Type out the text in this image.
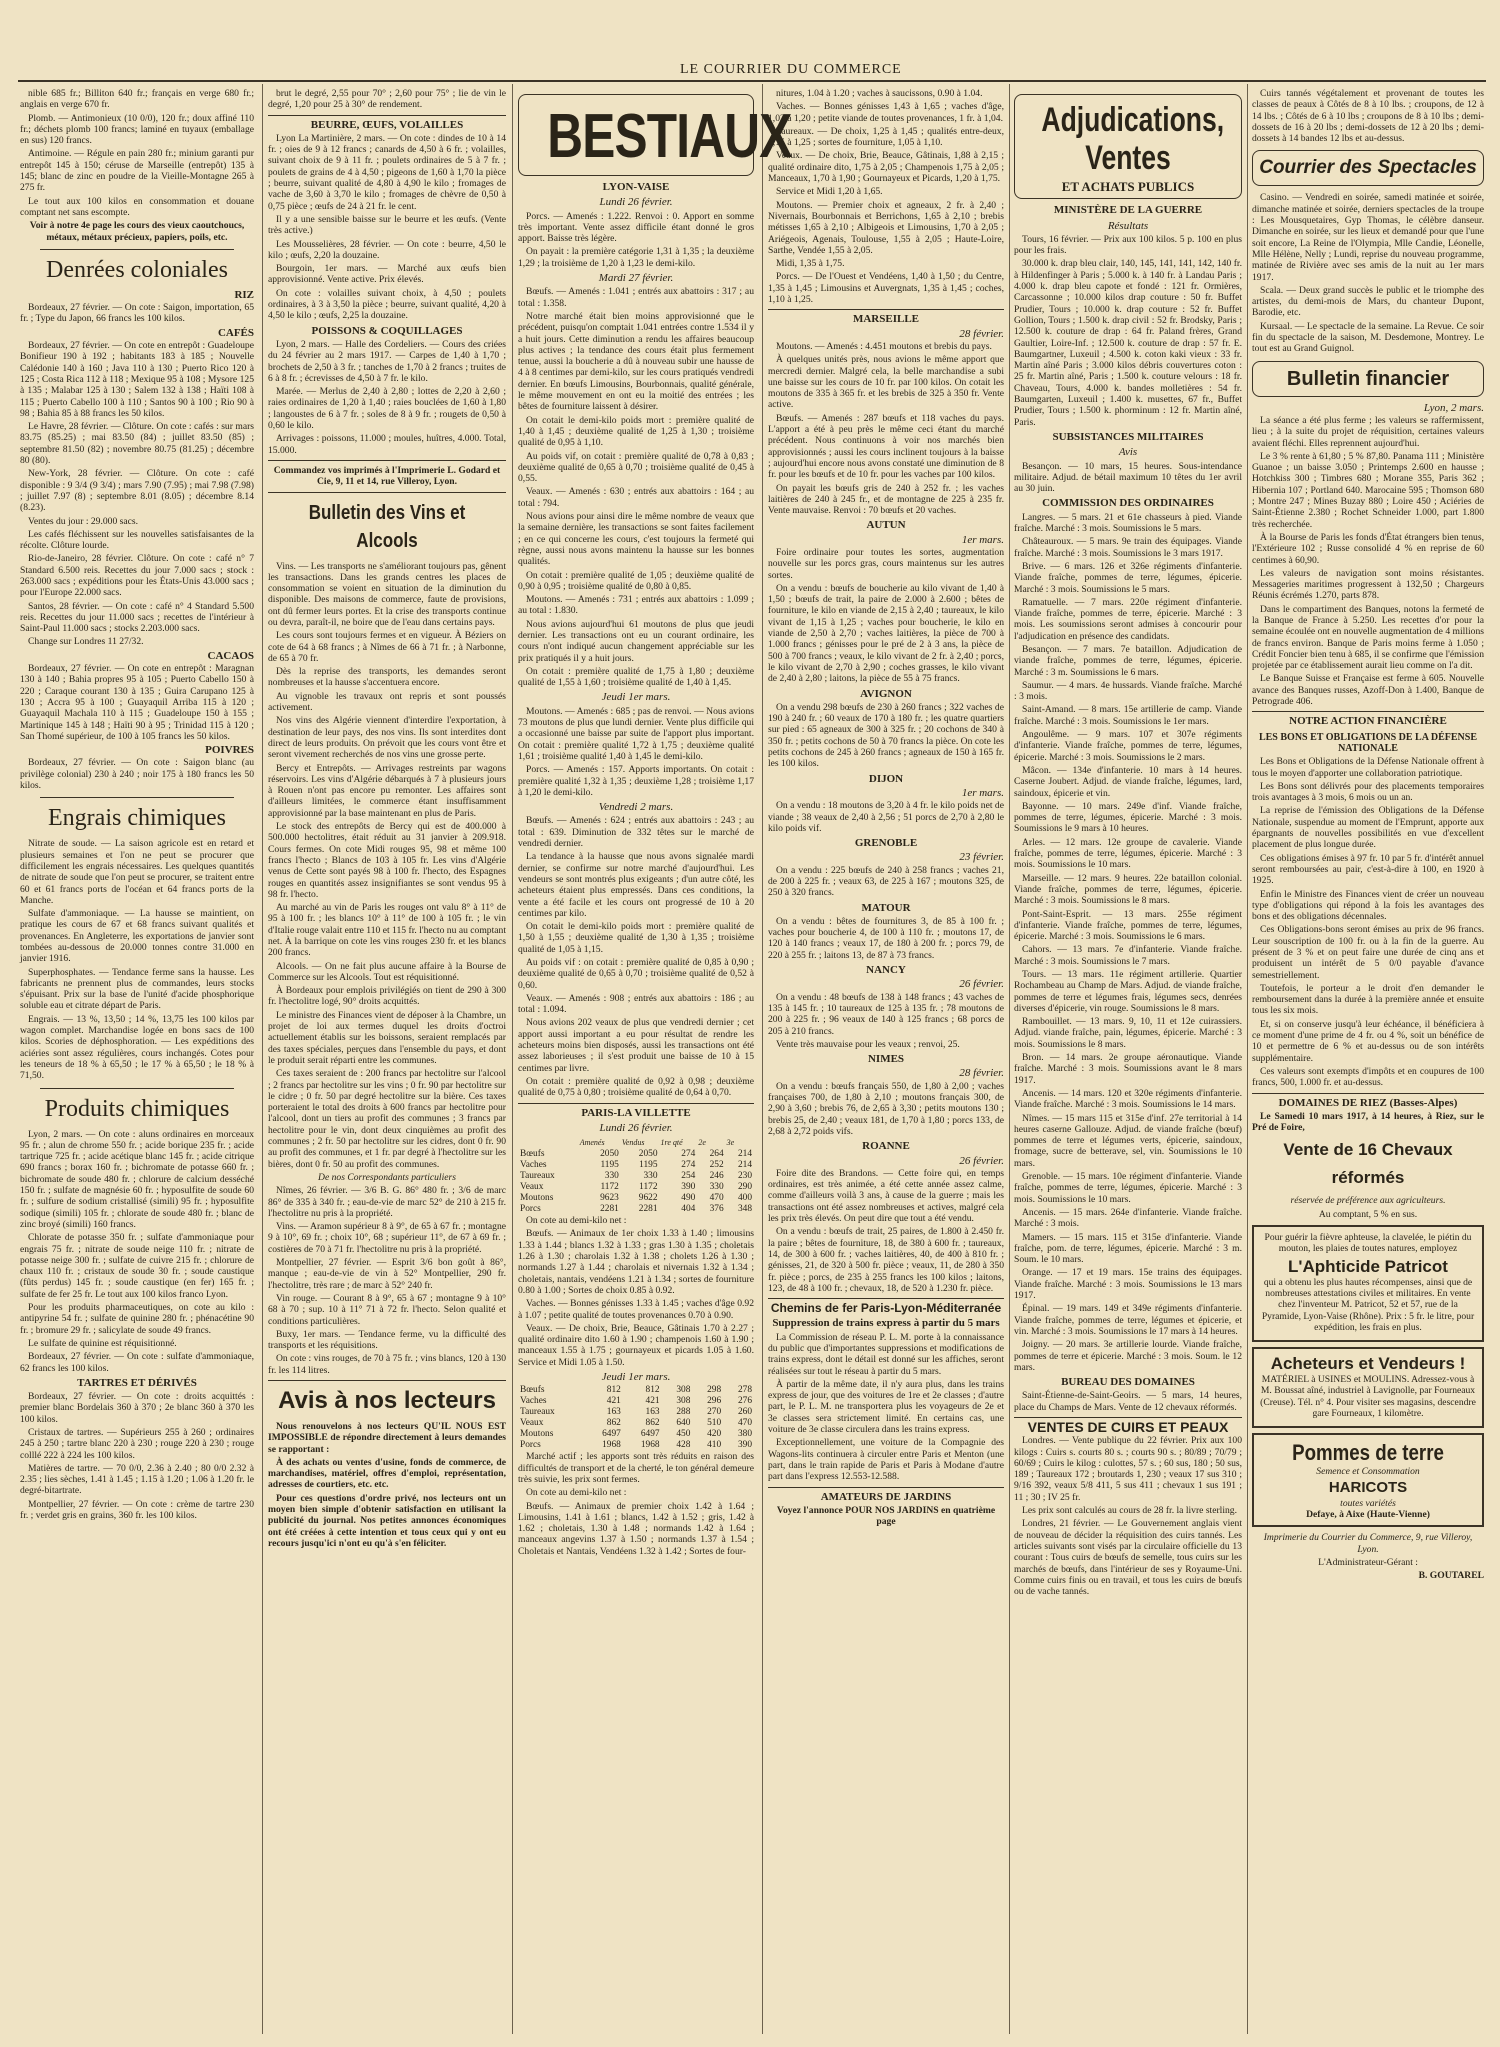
LE COURRIER DU COMMERCE

nible 685 fr.; Billiton 640 fr.; français en verge 680 fr.; anglais en verge 670 fr.

Plomb. — Antimonieux (10 0/0), 120 fr.; doux affiné 110 fr.; déchets plomb 100 francs; laminé en tuyaux (emballage en sus) 120 francs.

Antimoine. — Régule en pain 280 fr.; minium garanti pur entrepôt 145 à 150; céruse de Marseille (entrepôt) 135 à 145; blanc de zinc en poudre de la Vieille-Montagne 265 à 275 fr.

Le tout aux 100 kilos en consommation et douane comptant net sans escompte.

Voir à notre 4e page les cours des vieux caoutchoucs, métaux, métaux précieux, papiers, poils, etc.

Denrées coloniales
RIZ

Bordeaux, 27 février. — On cote : Saigon, importation, 65 fr. ; Type du Japon, 66 francs les 100 kilos.

CAFÉS

Bordeaux, 27 février. — On cote en entrepôt : Guadeloupe Bonifieur 190 à 192 ; habitants 183 à 185 ; Nouvelle Calédonie 140 à 160 ; Java 110 à 130 ; Puerto Rico 120 à 125 ; Costa Rica 112 à 118 ; Mexique 95 à 108 ; Mysore 125 à 135 ; Malabar 125 à 130 ; Salem 132 à 138 ; Haïti 108 à 115 ; Puerto Cabello 100 à 110 ; Santos 90 à 100 ; Rio 90 à 98 ; Bahia 85 à 88 francs les 50 kilos.

Le Havre, 28 février. — Clôture. On cote : cafés : sur mars 83.75 (85.25) ; mai 83.50 (84) ; juillet 83.50 (85) ; septembre 81.50 (82) ; novembre 80.75 (81.25) ; décembre 80 (80).

New-York, 28 février. — Clôture. On cote : café disponible : 9 3/4 (9 3/4) ; mars 7.90 (7.95) ; mai 7.98 (7.98) ; juillet 7.97 (8) ; septembre 8.01 (8.05) ; décembre 8.14 (8.23).

Ventes du jour : 29.000 sacs.

Les cafés fléchissent sur les nouvelles satisfaisantes de la récolte. Clôture lourde.

Rio-de-Janeiro, 28 février. Clôture. On cote : café n° 7 Standard 6.500 reis. Recettes du jour 7.000 sacs ; stock : 263.000 sacs ; expéditions pour les États-Unis 43.000 sacs ; pour l'Europe 22.000 sacs.

Santos, 28 février. — On cote : café n° 4 Standard 5.500 reis. Recettes du jour 11.000 sacs ; recettes de l'intérieur à Saint-Paul 11.000 sacs ; stocks 2.203.000 sacs.

Change sur Londres 11 27/32.

CACAOS

Bordeaux, 27 février. — On cote en entrepôt : Maragnan 130 à 140 ; Bahia propres 95 à 105 ; Puerto Cabello 150 à 220 ; Caraque courant 130 à 135 ; Guira Carupano 125 à 130 ; Accra 95 à 100 ; Guayaquil Arriba 115 à 120 ; Guayaquil Machala 110 à 115 ; Guadeloupe 150 à 155 ; Martinique 145 à 148 ; Haïti 90 à 95 ; Trinidad 115 à 120 ; San Thomé supérieur, de 100 à 105 francs les 50 kilos.

POIVRES

Bordeaux, 27 février. — On cote : Saigon blanc (au privilège colonial) 230 à 240 ; noir 175 à 180 francs les 50 kilos.

Engrais chimiques

Nitrate de soude. — La saison agricole est en retard et plusieurs semaines et l'on ne peut se procurer que difficilement les engrais nécessaires. Les quelques quantités de nitrate de soude que l'on peut se procurer, se traitent entre 60 et 61 francs ports de l'océan et 64 francs ports de la Manche.

Sulfate d'ammoniaque. — La hausse se maintient, on pratique les cours de 67 et 68 francs suivant qualités et provenances. En Angleterre, les exportations de janvier sont tombées au-dessous de 20.000 tonnes contre 31.000 en janvier 1916.

Superphosphates. — Tendance ferme sans la hausse. Les fabricants ne prennent plus de commandes, leurs stocks s'épuisant. Prix sur la base de l'unité d'acide phosphorique soluble eau et citrate départ de Paris.

Engrais. — 13 %, 13,50 ; 14 %, 13,75 les 100 kilos par wagon complet. Marchandise logée en bons sacs de 100 kilos. Scories de déphosphoration. — Les expéditions des aciéries sont assez régulières, cours inchangés. Cotes pour les teneurs de 18 % à 65,50 ; le 17 % à 65,50 ; le 18 % à 71,50.

Produits chimiques

Lyon, 2 mars. — On cote : aluns ordinaires en morceaux 95 fr. ; alun de chrome 550 fr. ; acide borique 235 fr. ; acide tartrique 725 fr. ; acide acétique blanc 145 fr. ; acide citrique 690 francs ; borax 160 fr. ; bichromate de potasse 660 fr. ; bichromate de soude 480 fr. ; chlorure de calcium desséché 150 fr. ; sulfate de magnésie 60 fr. ; hyposulfite de soude 60 fr. ; sulfure de sodium cristallisé (simili) 95 fr. ; hyposulfite sodique (simili) 105 fr. ; chlorate de soude 480 fr. ; blanc de zinc broyé (simili) 160 francs.

Chlorate de potasse 350 fr. ; sulfate d'ammoniaque pour engrais 75 fr. ; nitrate de soude neige 110 fr. ; nitrate de potasse neige 300 fr. ; sulfate de cuivre 215 fr. ; chlorure de chaux 110 fr. ; cristaux de soude 30 fr. ; soude caustique (fûts perdus) 145 fr. ; soude caustique (en fer) 165 fr. ; sulfate de fer 25 fr. Le tout aux 100 kilos franco Lyon.

Pour les produits pharmaceutiques, on cote au kilo : antipyrine 54 fr. ; sulfate de quinine 280 fr. ; phénacétine 90 fr. ; bromure 29 fr. ; salicylate de soude 49 francs.

Le sulfate de quinine est réquisitionné.

Bordeaux, 27 février. — On cote : sulfate d'ammoniaque, 62 francs les 100 kilos.

TARTRES ET DÉRIVÉS

Bordeaux, 27 février. — On cote : droits acquittés : premier blanc Bordelais 360 à 370 ; 2e blanc 360 à 370 les 100 kilos.

Cristaux de tartres. — Supérieurs 255 à 260 ; ordinaires 245 à 250 ; tartre blanc 220 à 230 ; rouge 220 à 230 ; rouge colllé 222 à 224 les 100 kilos.

Matières de tartre. — 70 0/0, 2.36 à 2.40 ; 80 0/0 2.32 à 2.35 ; lies sèches, 1.41 à 1.45 ; 1.15 à 1.20 ; 1.06 à 1.20 fr. le degré-bitartrate.

Montpellier, 27 février. — On cote : crème de tartre 230 fr. ; verdet gris en grains, 360 fr. les 100 kilos.

brut le degré, 2,55 pour 70° ; 2,60 pour 75° ; lie de vin le degré, 1,20 pour 25 à 30° de rendement.

BEURRE, ŒUFS, VOLAILLES

Lyon La Martinière, 2 mars. — On cote : dindes de 10 à 14 fr. ; oies de 9 à 12 francs ; canards de 4,50 à 6 fr. ; volailles, suivant choix de 9 à 11 fr. ; poulets ordinaires de 5 à 7 fr. ; poulets de grains de 4 à 4,50 ; pigeons de 1,60 à 1,70 la pièce ; beurre, suivant qualité de 4,80 à 4,90 le kilo ; fromages de vache de 3,60 à 3,70 le kilo ; fromages de chèvre de 0,50 à 0,75 pièce ; œufs de 24 à 21 fr. le cent.

Il y a une sensible baisse sur le beurre et les œufs. (Vente très active.)

Les Mousselières, 28 février. — On cote : beurre, 4,50 le kilo ; œufs, 2,20 la douzaine.

Bourgoin, 1er mars. — Marché aux œufs bien approvisionné. Vente active. Prix élevés.

On cote : volailles suivant choix, à 4,50 ; poulets ordinaires, à 3 à 3,50 la pièce ; beurre, suivant qualité, 4,20 à 4,50 le kilo ; œufs, 2,25 la douzaine.

POISSONS & COQUILLAGES

Lyon, 2 mars. — Halle des Cordeliers. — Cours des criées du 24 février au 2 mars 1917. — Carpes de 1,40 à 1,70 ; brochets de 2,50 à 3 fr. ; tanches de 1,70 à 2 francs ; truites de 6 à 8 fr. ; écrevisses de 4,50 à 7 fr. le kilo.

Marée. — Merlus de 2,40 à 2,80 ; lottes de 2,20 à 2,60 ; raies ordinaires de 1,20 à 1,40 ; raies bouclées de 1,60 à 1,80 ; langoustes de 6 à 7 fr. ; soles de 8 à 9 fr. ; rougets de 0,50 à 0,60 le kilo.

Arrivages : poissons, 11.000 ; moules, huîtres, 4.000. Total, 15.000.

Commandez vos imprimés à l'Imprimerie L. Godard et Cie, 9, 11 et 14, rue Villeroy, Lyon.

Bulletin des Vins et Alcools

Vins. — Les transports ne s'améliorant toujours pas, gênent les transactions. Dans les grands centres les places de consommation se voient en situation de la diminution du disponible. Des maisons de commerce, faute de provisions, ont dû fermer leurs portes. Et la crise des transports continue ou devra, paraît-il, ne boire que de l'eau dans certains pays.

Les cours sont toujours fermes et en vigueur. À Béziers on cote de 64 à 68 francs ; à Nîmes de 66 à 71 fr. ; à Narbonne, de 65 à 70 fr.

Dès la reprise des transports, les demandes seront nombreuses et la hausse s'accentuera encore.

Au vignoble les travaux ont repris et sont poussés activement.

Nos vins des Algérie viennent d'interdire l'exportation, à destination de leur pays, des nos vins. Ils sont interdites dont direct de leurs produits. On prévoit que les cours vont être et seront vivement recherchés de nos vins une grosse perte.

Bercy et Entrepôts. — Arrivages restreints par wagons réservoirs. Les vins d'Algérie débarqués à 7 à plusieurs jours à Rouen n'ont pas encore pu remonter. Les affaires sont d'ailleurs limitées, le commerce étant insuffisamment approvisionné par la base maintenant en plus de Paris.

Le stock des entrepôts de Bercy qui est de 400.000 à 500.000 hectolitres, était réduit au 31 janvier à 209.918. Cours fermes. On cote Midi rouges 95, 98 et même 100 francs l'hecto ; Blancs de 103 à 105 fr. Les vins d'Algérie venus de Cette sont payés 98 à 100 fr. l'hecto, des Espagnes rouges en quantités assez insignifiantes se sont vendus 95 à 98 fr. l'hecto.

Au marché au vin de Paris les rouges ont valu 8° à 11° de 95 à 100 fr. ; les blancs 10° à 11° de 100 à 105 fr. ; le vin d'Italie rouge valait entre 110 et 115 fr. l'hecto nu au comptant net. À la barrique on cote les vins rouges 230 fr. et les blancs 200 francs.

Alcools. — On ne fait plus aucune affaire à la Bourse de Commerce sur les Alcools. Tout est réquisitionné.

À Bordeaux pour emplois privilégiés on tient de 290 à 300 fr. l'hectolitre logé, 90° droits acquittés.

Le ministre des Finances vient de déposer à la Chambre, un projet de loi aux termes duquel les droits d'octroi actuellement établis sur les boissons, seraient remplacés par des taxes spéciales, perçues dans l'ensemble du pays, et dont le produit serait réparti entre les communes.

Ces taxes seraient de : 200 francs par hectolitre sur l'alcool ; 2 francs par hectolitre sur les vins ; 0 fr. 90 par hectolitre sur le cidre ; 0 fr. 50 par degré hectolitre sur la bière. Ces taxes porteraient le total des droits à 600 francs par hectolitre pour l'alcool, dont un tiers au profit des communes ; 3 francs par hectolitre pour le vin, dont deux cinquièmes au profit des communes ; 2 fr. 50 par hectolitre sur les cidres, dont 0 fr. 90 au profit des communes, et 1 fr. par degré à l'hectolitre sur les bières, dont 0 fr. 50 au profit des communes.

De nos Correspondants particuliers

Nîmes, 26 février. — 3/6 B. G. 86° 480 fr. ; 3/6 de marc 86° de 335 à 340 fr. ; eau-de-vie de marc 52° de 210 à 215 fr. l'hectolitre nu pris à la propriété.

Vins. — Aramon supérieur 8 à 9°, de 65 à 67 fr. ; montagne 9 à 10°, 69 fr. ; choix 10°, 68 ; supérieur 11°, de 67 à 69 fr. ; costières de 70 à 71 fr. l'hectolitre nu pris à la propriété.

Montpellier, 27 février. — Esprit 3/6 bon goût à 86°, manque ; eau-de-vie de vin à 52° Montpellier, 290 fr. l'hectolitre, très rare ; de marc à 52° 240 fr.

Vin rouge. — Courant 8 à 9°, 65 à 67 ; montagne 9 à 10° 68 à 70 ; sup. 10 à 11° 71 à 72 fr. l'hecto. Selon qualité et conditions particulières.

Buxy, 1er mars. — Tendance ferme, vu la difficulté des transports et les réquisitions.

On cote : vins rouges, de 70 à 75 fr. ; vins blancs, 120 à 130 fr. les 114 litres.

Avis à nos lecteurs

Nous renouvelons à nos lecteurs QU'IL NOUS EST IMPOSSIBLE de répondre directement à leurs demandes se rapportant :

À des achats ou ventes d'usine, fonds de commerce, de marchandises, matériel, offres d'emploi, représentation, adresses de courtiers, etc. etc.

Pour ces questions d'ordre privé, nos lecteurs ont un moyen bien simple d'obtenir satisfaction en utilisant la publicité du journal. Nos petites annonces économiques ont été créées à cette intention et tous ceux qui y ont eu recours jusqu'ici n'ont eu qu'à s'en féliciter.

BESTIAUX
LYON-VAISE
Lundi 26 février.

Porcs. — Amenés : 1.222. Renvoi : 0. Apport en somme très important. Vente assez difficile étant donné le gros apport. Baisse très légère.

On payait : la première catégorie 1,31 à 1,35 ; la deuxième 1,29 ; la troisième de 1,20 à 1,23 le demi-kilo.

Mardi 27 février.

Bœufs. — Amenés : 1.041 ; entrés aux abattoirs : 317 ; au total : 1.358.

Notre marché était bien moins approvisionné que le précédent, puisqu'on comptait 1.041 entrées contre 1.534 il y a huit jours. Cette diminution a rendu les affaires beaucoup plus actives ; la tendance des cours était plus fermement tenue, aussi la boucherie a dû à nouveau subir une hausse de 4 à 8 centimes par demi-kilo, sur les cours pratiqués vendredi dernier. En bœufs Limousins, Bourbonnais, qualité générale, le même mouvement en ont eu la moitié des entrées ; les bêtes de fourniture laissent à désirer.

On cotait le demi-kilo poids mort : première qualité de 1,40 à 1,45 ; deuxième qualité de 1,25 à 1,30 ; troisième qualité de 0,95 à 1,10.

Au poids vif, on cotait : première qualité de 0,78 à 0,83 ; deuxième qualité de 0,65 à 0,70 ; troisième qualité de 0,45 à 0,55.

Veaux. — Amenés : 630 ; entrés aux abattoirs : 164 ; au total : 794.

Nous avions pour ainsi dire le même nombre de veaux que la semaine dernière, les transactions se sont faites facilement ; en ce qui concerne les cours, c'est toujours la fermeté qui règne, aussi nous avons maintenu la hausse sur les bonnes qualités.

On cotait : première qualité de 1,05 ; deuxième qualité de 0,90 à 0,95 ; troisième qualité de 0,80 à 0,85.

Moutons. — Amenés : 731 ; entrés aux abattoirs : 1.099 ; au total : 1.830.

Nous avions aujourd'hui 61 moutons de plus que jeudi dernier. Les transactions ont eu un courant ordinaire, les cours n'ont indiqué aucun changement appréciable sur les prix pratiqués il y a huit jours.

On cotait : première qualité de 1,75 à 1,80 ; deuxième qualité de 1,55 à 1,60 ; troisième qualité de 1,40 à 1,45.

Jeudi 1er mars.

Moutons. — Amenés : 685 ; pas de renvoi. — Nous avions 73 moutons de plus que lundi dernier. Vente plus difficile qui a occasionné une baisse par suite de l'apport plus important. On cotait : première qualité 1,72 à 1,75 ; deuxième qualité 1,61 ; troisième qualité 1,40 à 1,45 le demi-kilo.

Porcs. — Amenés : 157. Apports importants. On cotait : première qualité 1,32 à 1,35 ; deuxième 1,28 ; troisième 1,17 à 1,20 le demi-kilo.

Vendredi 2 mars.

Bœufs. — Amenés : 624 ; entrés aux abattoirs : 243 ; au total : 639. Diminution de 332 têtes sur le marché de vendredi dernier.

La tendance à la hausse que nous avons signalée mardi dernier, se confirme sur notre marché d'aujourd'hui. Les vendeurs se sont montrés plus exigeants ; d'un autre côté, les acheteurs étaient plus empressés. Dans ces conditions, la vente a été facile et les cours ont progressé de 10 à 20 centimes par kilo.

On cotait le demi-kilo poids mort : première qualité de 1,50 à 1,55 ; deuxième qualité de 1,30 à 1,35 ; troisième qualité de 1,05 à 1,15.

Au poids vif : on cotait : première qualité de 0,85 à 0,90 ; deuxième qualité de 0,65 à 0,70 ; troisième qualité de 0,52 à 0,60.

Veaux. — Amenés : 908 ; entrés aux abattoirs : 186 ; au total : 1.094.

Nous avions 202 veaux de plus que vendredi dernier ; cet apport aussi important a eu pour résultat de rendre les acheteurs moins bien disposés, aussi les transactions ont été assez laborieuses ; il s'est produit une baisse de 10 à 15 centimes par livre.

On cotait : première qualité de 0,92 à 0,98 ; deuxième qualité de 0,75 à 0,80 ; troisième qualité de 0,64 à 0,70.

PARIS-LA VILLETTE
Lundi 26 février.
	Amenés	Vendus	1re qté	2e	3e
Bœufs	2050	2050	274	264	214
Vaches	1195	1195	274	252	214
Taureaux	330	330	254	246	230
Veaux	1172	1172	390	330	290
Moutons	9623	9622	490	470	400
Porcs	2281	2281	404	376	348

On cote au demi-kilo net :

Bœufs. — Animaux de 1er choix 1.33 à 1.40 ; limousins 1.33 à 1.44 ; blancs 1.32 à 1.33 ; gras 1.30 à 1.35 ; choletais 1.26 à 1.30 ; charolais 1.32 à 1.38 ; cholets 1.26 à 1.30 ; normands 1.27 à 1.44 ; charolais et nivernais 1.32 à 1.34 ; choletais, nantais, vendéens 1.21 à 1.34 ; sortes de fourniture 0.80 à 1.00 ; Sortes de choix 0.85 à 0.92.

Vaches. — Bonnes génisses 1.33 à 1.45 ; vaches d'âge 0.92 à 1.07 ; petite qualité de toutes provenances 0.70 à 0.90.

Veaux. — De choix, Brie, Beauce, Gâtinais 1.70 à 2.27 ; qualité ordinaire dito 1.60 à 1.90 ; champenois 1.60 à 1.90 ; manceaux 1.55 à 1.75 ; gournayeux et picards 1.05 à 1.60. Service et Midi 1.05 à 1.50.

Jeudi 1er mars.
Bœufs	812	812	308	298	278
Vaches	421	421	308	296	276
Taureaux	163	163	288	270	260
Veaux	862	862	640	510	470
Moutons	6497	6497	450	420	380
Porcs	1968	1968	428	410	390

Marché actif ; les apports sont très réduits en raison des difficultés de transport et de la cherté, le ton général demeure très suivie, les prix sont fermes.

On cote au demi-kilo net :

Bœufs. — Animaux de premier choix 1.42 à 1.64 ; Limousins, 1.41 à 1.61 ; blancs, 1.42 à 1.52 ; gris, 1.42 à 1.62 ; choletais, 1.30 à 1.48 ; normands 1.42 à 1.64 ; manceaux angevins 1.37 à 1.50 ; normands 1.37 à 1.54 ; Choletais et Nantais, Vendéens 1.32 à 1.42 ; Sortes de four-

nitures, 1.04 à 1.20 ; vaches à saucissons, 0.90 à 1.04.

Vaches. — Bonnes génisses 1,43 à 1,65 ; vaches d'âge, 1,02 à 1,20 ; petite viande de toutes provenances, 1 fr. à 1,04.

Taureaux. — De choix, 1,25 à 1,45 ; qualités entre-deux, 1,15 à 1,25 ; sortes de fourniture, 1,05 à 1,10.

Veaux. — De choix, Brie, Beauce, Gâtinais, 1,88 à 2,15 ; qualité ordinaire dito, 1,75 à 2,05 ; Champenois 1,75 à 2,05 ; Manceaux, 1,70 à 1,90 ; Gournayeux et Picards, 1,20 à 1,75.

Service et Midi 1,20 à 1,65.

Moutons. — Premier choix et agneaux, 2 fr. à 2,40 ; Nivernais, Bourbonnais et Berrichons, 1,65 à 2,10 ; brebis métisses 1,65 à 2,10 ; Albigeois et Limousins, 1,70 à 2,05 ; Ariégeois, Agenais, Toulouse, 1,55 à 2,05 ; Haute-Loire, Sarthe, Vendée 1,55 à 2,05.

Midi, 1,35 à 1,75.

Porcs. — De l'Ouest et Vendéens, 1,40 à 1,50 ; du Centre, 1,35 à 1,45 ; Limousins et Auvergnats, 1,35 à 1,45 ; coches, 1,10 à 1,25.

MARSEILLE
28 février.

Moutons. — Amenés : 4.451 moutons et brebis du pays.

À quelques unités près, nous avions le même apport que mercredi dernier. Malgré cela, la belle marchandise a subi une baisse sur les cours de 10 fr. par 100 kilos. On cotait les moutons de 335 à 365 fr. et les brebis de 325 à 350 fr. Vente active.

Bœufs. — Amenés : 287 bœufs et 118 vaches du pays. L'apport a été à peu près le même ceci étant du marché précédent. Nous continuons à voir nos marchés bien approvisionnés ; aussi les cours inclinent toujours à la baisse ; aujourd'hui encore nous avons constaté une diminution de 8 fr. pour les bœufs et de 10 fr. pour les vaches par 100 kilos.

On payait les bœufs gris de 240 à 252 fr. ; les vaches laitières de 240 à 245 fr., et de montagne de 225 à 235 fr. Vente mauvaise. Renvoi : 70 bœufs et 20 vaches.

AUTUN
1er mars.

Foire ordinaire pour toutes les sortes, augmentation nouvelle sur les porcs gras, cours maintenus sur les autres sortes.

On a vendu : bœufs de boucherie au kilo vivant de 1,40 à 1,50 ; bœufs de trait, la paire de 2.000 à 2.600 ; bêtes de fourniture, le kilo en viande de 2,15 à 2,40 ; taureaux, le kilo vivant de 1,15 à 1,25 ; vaches pour boucherie, le kilo en viande de 2,50 à 2,70 ; vaches laitières, la pièce de 700 à 1.000 francs ; génisses pour le pré de 2 à 3 ans, la pièce de 500 à 700 francs ; veaux, le kilo vivant de 2 fr. à 2,40 ; porcs, le kilo vivant de 2,70 à 2,90 ; coches grasses, le kilo vivant de 2,40 à 2,80 ; laitons, la pièce de 55 à 75 francs.

AVIGNON

On a vendu 298 bœufs de 230 à 260 francs ; 322 vaches de 190 à 240 fr. ; 60 veaux de 170 à 180 fr. ; les quatre quartiers sur pied : 65 agneaux de 300 à 325 fr. ; 20 cochons de 340 à 350 fr. ; petits cochons de 50 à 70 francs la pièce. On cote les petits cochons de 245 à 260 francs ; agneaux de 150 à 165 fr. les 100 kilos.

DIJON
1er mars.

On a vendu : 18 moutons de 3,20 à 4 fr. le kilo poids net de viande ; 38 veaux de 2,40 à 2,56 ; 51 porcs de 2,70 à 2,80 le kilo poids vif.

GRENOBLE
23 février.

On a vendu : 225 bœufs de 240 à 258 francs ; vaches 21, de 200 à 225 fr. ; veaux 63, de 225 à 167 ; moutons 325, de 250 à 320 francs.

MATOUR

On a vendu : bêtes de fournitures 3, de 85 à 100 fr. ; vaches pour boucherie 4, de 100 à 110 fr. ; moutons 17, de 120 à 140 francs ; veaux 17, de 180 à 200 fr. ; porcs 79, de 220 à 255 fr. ; laitons 13, de 87 à 73 francs.

NANCY
26 février.

On a vendu : 48 bœufs de 138 à 148 francs ; 43 vaches de 135 à 145 fr. ; 10 taureaux de 125 à 135 fr. ; 78 moutons de 200 à 225 fr. ; 96 veaux de 140 à 125 francs ; 68 porcs de 205 à 210 francs.

Vente très mauvaise pour les veaux ; renvoi, 25.

NIMES
28 février.

On a vendu : bœufs français 550, de 1,80 à 2,00 ; vaches françaises 700, de 1,80 à 2,10 ; moutons français 300, de 2,90 à 3,60 ; brebis 76, de 2,65 à 3,30 ; petits moutons 130 ; brebis 25, de 2,40 ; veaux 181, de 1,70 à 1,80 ; porcs 133, de 2,68 à 2,72 poids vifs.

ROANNE
26 février.

Foire dite des Brandons. — Cette foire qui, en temps ordinaires, est très animée, a été cette année assez calme, comme d'ailleurs voilà 3 ans, à cause de la guerre ; mais les transactions ont été assez nombreuses et actives, malgré cela les prix très élevés. On peut dire que tout a été vendu.

On a vendu : bœufs de trait, 25 paires, de 1.800 à 2.450 fr. la paire ; bêtes de fourniture, 18, de 380 à 600 fr. ; taureaux, 14, de 300 à 600 fr. ; vaches laitières, 40, de 400 à 810 fr. ; génisses, 21, de 320 à 500 fr. pièce ; veaux, 11, de 280 à 350 fr. pièce ; porcs, de 235 à 255 francs les 100 kilos ; laitons, 123, de 48 à 100 fr. ; chevaux, 18, de 520 à 1.230 fr. pièce.

Chemins de fer Paris-Lyon-Méditerranée
Suppression de trains express à partir du 5 mars

La Commission de réseau P. L. M. porte à la connaissance du public que d'importantes suppressions et modifications de trains express, dont le détail est donné sur les affiches, seront réalisées sur tout le réseau à partir du 5 mars.

À partir de la même date, il n'y aura plus, dans les trains express de jour, que des voitures de 1re et 2e classes ; d'autre part, le P. L. M. ne transportera plus les voyageurs de 2e et 3e classes sera strictement limité. En certains cas, une voiture de 3e classe circulera dans les trains express.

Exceptionnellement, une voiture de la Compagnie des Wagons-lits continuera à circuler entre Paris et Menton (une part, dans le train rapide de Paris et Paris à Modane d'autre part dans l'express 12.553-12.588.

AMATEURS DE JARDINS

Voyez l'annonce POUR NOS JARDINS en quatrième page

Adjudications, Ventes
ET ACHATS PUBLICS
MINISTÈRE DE LA GUERRE
Résultats

Tours, 16 février. — Prix aux 100 kilos. 5 p. 100 en plus pour les frais.

30.000 k. drap bleu clair, 140, 145, 141, 141, 142, 140 fr. à Hildenfinger à Paris ; 5.000 k. à 140 fr. à Landau Paris ; 4.000 k. drap bleu capote et fondé : 121 fr. Ormières, Carcassonne ; 10.000 kilos drap couture : 50 fr. Buffet Prudier, Tours ; 10.000 k. drap couture : 52 fr. Buffet Gollion, Tours ; 1.500 k. drap civil : 52 fr. Brodsky, Paris ; 12.500 k. couture de drap : 64 fr. Paland frères, Grand Gaultier, Loire-Inf. ; 12.500 k. couture de drap : 57 fr. E. Baumgartner, Luxeuil ; 4.500 k. coton kaki vieux : 33 fr. Martin aîné Paris ; 3.000 kilos débris couvertures coton : 25 fr. Martin aîné, Paris ; 1.500 k. couture velours : 18 fr. Chaveau, Tours, 4.000 k. bandes molletières : 54 fr. Baumgarten, Luxeuil ; 1.400 k. musettes, 67 fr., Buffet Prudier, Tours ; 1.500 k. phorminum : 12 fr. Martin aîné, Paris.

SUBSISTANCES MILITAIRES
Avis

Besançon. — 10 mars, 15 heures. Sous-intendance militaire. Adjud. de bétail maximum 10 têtes du 1er avril au 30 juin.

COMMISSION DES ORDINAIRES

Langres. — 5 mars. 21 et 61e chasseurs à pied. Viande fraîche. Marché : 3 mois. Soumissions le 5 mars.

Châteauroux. — 5 mars. 9e train des équipages. Viande fraîche. Marché : 3 mois. Soumissions le 3 mars 1917.

Brive. — 6 mars. 126 et 326e régiments d'infanterie. Viande fraîche, pommes de terre, légumes, épicerie. Marché : 3 mois. Soumissions le 5 mars.

Ramatuelle. — 7 mars. 220e régiment d'infanterie. Viande fraîche, pommes de terre, épicerie. Marché : 3 mois. Les soumissions seront admises à concourir pour l'adjudication en présence des candidats.

Besançon. — 7 mars. 7e bataillon. Adjudication de viande fraîche, pommes de terre, légumes, épicerie. Marché : 3 m. Soumissions le 6 mars.

Saumur. — 4 mars. 4e hussards. Viande fraîche. Marché : 3 mois.

Saint-Amand. — 8 mars. 15e artillerie de camp. Viande fraîche. Marché : 3 mois. Soumissions le 1er mars.

Angoulême. — 9 mars. 107 et 307e régiments d'infanterie. Viande fraîche, pommes de terre, légumes, épicerie. Marché : 3 mois. Soumissions le 2 mars.

Mâcon. — 134e d'infanterie. 10 mars à 14 heures. Caserne Joubert. Adjud. de viande fraîche, légumes, lard, saindoux, épicerie et vin.

Bayonne. — 10 mars. 249e d'inf. Viande fraîche, pommes de terre, légumes, épicerie. Marché : 3 mois. Soumissions le 9 mars à 10 heures.

Arles. — 12 mars. 12e groupe de cavalerie. Viande fraîche, pommes de terre, légumes, épicerie. Marché : 3 mois. Soumissions le 10 mars.

Marseille. — 12 mars. 9 heures. 22e bataillon colonial. Viande fraîche, pommes de terre, légumes, épicerie. Marché : 3 mois. Soumissions le 8 mars.

Pont-Saint-Esprit. — 13 mars. 255e régiment d'infanterie. Viande fraîche, pommes de terre, légumes, épicerie. Marché : 3 mois. Soumissions le 6 mars.

Cahors. — 13 mars. 7e d'infanterie. Viande fraîche. Marché : 3 mois. Soumissions le 7 mars.

Tours. — 13 mars. 11e régiment artillerie. Quartier Rochambeau au Champ de Mars. Adjud. de viande fraîche, pommes de terre et légumes frais, légumes secs, denrées diverses d'épicerie, vin rouge. Soumissions le 8 mars.

Rambouillet. — 13 mars. 9, 10, 11 et 12e cuirassiers. Adjud. viande fraîche, pain, légumes, épicerie. Marché : 3 mois. Soumissions le 8 mars.

Bron. — 14 mars. 2e groupe aéronautique. Viande fraîche. Marché : 3 mois. Soumissions avant le 8 mars 1917.

Ancenis. — 14 mars. 120 et 320e régiments d'infanterie. Viande fraîche. Marché : 3 mois. Soumissions le 14 mars.

Nîmes. — 15 mars 115 et 315e d'inf. 27e territorial à 14 heures caserne Gallouze. Adjud. de viande fraîche (bœuf) pommes de terre et légumes verts, épicerie, saindoux, fromage, sucre de betterave, sel, vin. Soumissions le 10 mars.

Grenoble. — 15 mars. 10e régiment d'infanterie. Viande fraîche, pommes de terre, légumes, épicerie. Marché : 3 mois. Soumissions le 10 mars.

Ancenis. — 15 mars. 264e d'infanterie. Viande fraîche. Marché : 3 mois.

Mamers. — 15 mars. 115 et 315e d'infanterie. Viande fraîche, pom. de terre, légumes, épicerie. Marché : 3 m. Soum. le 10 mars.

Orange. — 17 et 19 mars. 15e trains des équipages. Viande fraîche. Marché : 3 mois. Soumissions le 13 mars 1917.

Épinal. — 19 mars. 149 et 349e régiments d'infanterie. Viande fraîche, pommes de terre, légumes et épicerie, et vin. Marché : 3 mois. Soumissions le 17 mars à 14 heures.

Joigny. — 20 mars. 3e artillerie lourde. Viande fraîche, pommes de terre et épicerie. Marché : 3 mois. Soum. le 12 mars.

BUREAU DES DOMAINES

Saint-Étienne-de-Saint-Geoirs. — 5 mars, 14 heures, place du Champs de Mars. Vente de 12 chevaux réformés.

VENTES DE CUIRS ET PEAUX

Londres. — Vente publique du 22 février. Prix aux 100 kilogs : Cuirs s. courts 80 s. ; courts 90 s. ; 80/89 ; 70/79 ; 60/69 ; Cuirs le kilog : culottes, 57 s. ; 60 sus, 180 ; 50 sus, 189 ; Taureaux 172 ; broutards 1, 230 ; veaux 17 sus 310 ; 9/16 392, veaux 5/8 411, 5 sus 411 ; chevaux 1 sus 191 ; 11 ; 30 ; IV 25 fr.

Les prix sont calculés au cours de 28 fr. la livre sterling.

Londres, 21 février. — Le Gouvernement anglais vient de nouveau de décider la réquisition des cuirs tannés. Les articles suivants sont visés par la circulaire officielle du 13 courant : Tous cuirs de bœufs de semelle, tous cuirs sur les marchés de bœufs, dans l'intérieur de ses y Royaume-Uni. Comme cuirs finis ou en travail, et tous les cuirs de bœufs ou de vache tannés.

Cuirs tannés végétalement et provenant de toutes les classes de peaux à Côtés de 8 à 10 lbs. ; croupons, de 12 à 14 lbs. ; Côtés de 6 à 10 lbs ; croupons de 8 à 10 lbs ; demi-dossets de 16 à 20 lbs ; demi-dossets de 12 à 20 lbs ; demi-dossets à 14 bandes 12 lbs et au-dessus.

Courrier des Spectacles

Casino. — Vendredi en soirée, samedi matinée et soirée, dimanche matinée et soirée, derniers spectacles de la troupe : Les Mousquetaires, Gyp Thomas, le célèbre danseur. Dimanche en soirée, sur les lieux et demandé pour que l'une soit encore, La Reine de l'Olympia, Mlle Candie, Léonelle, Mlle Hélène, Nelly ; Lundi, reprise du nouveau programme, matinée de Rivière avec ses amis de la nuit au 1er mars 1917.

Scala. — Deux grand succès le public et le triomphe des artistes, du demi-mois de Mars, du chanteur Dupont, Barodie, etc.

Kursaal. — Le spectacle de la semaine. La Revue. Ce soir fin du spectacle de la saison, M. Desdemone, Montrey. Le tout est au Grand Guignol.

Bulletin financier
Lyon, 2 mars.

La séance a été plus ferme ; les valeurs se raffermissent, lieu ; à la suite du projet de réquisition, certaines valeurs avaient fléchi. Elles reprennent aujourd'hui.

Le 3 % rente à 61,80 ; 5 % 87,80. Panama 111 ; Ministère Guanoe ; un baisse 3.050 ; Printemps 2.600 en hausse ; Hotchkiss 300 ; Timbres 680 ; Morane 355, Paris 362 ; Hibernia 107 ; Portland 640. Marocaine 595 ; Thomson 680 ; Montre 247 ; Mines Buzay 880 ; Loire 450 ; Aciéries de Saint-Étienne 2.380 ; Rochet Schneider 1.000, part 1.800 très recherchée.

À la Bourse de Paris les fonds d'État étrangers bien tenus, l'Extérieure 102 ; Russe consolidé 4 % en reprise de 60 centimes à 60,90.

Les valeurs de navigation sont moins résistantes. Messageries maritimes progressent à 132,50 ; Chargeurs Réunis écrémés 1.270, parts 878.

Dans le compartiment des Banques, notons la fermeté de la Banque de France à 5.250. Les recettes d'or pour la semaine écoulée ont en nouvelle augmentation de 4 millions de francs environ. Banque de Paris moins ferme à 1.050 ; Crédit Foncier bien tenu à 685, il se confirme que l'émission projetée par ce établissement aurait lieu comme on l'a dit.

Le Banque Suisse et Française est ferme à 605. Nouvelle avance des Banques russes, Azoff-Don à 1.400, Banque de Petrograde 406.

NOTRE ACTION FINANCIÈRE
LES BONS ET OBLIGATIONS DE LA DÉFENSE NATIONALE

Les Bons et Obligations de la Défense Nationale offrent à tous le moyen d'apporter une collaboration patriotique.

Les Bons sont délivrés pour des placements temporaires trois avantages à 3 mois, 6 mois ou un an.

La reprise de l'émission des Obligations de la Défense Nationale, suspendue au moment de l'Emprunt, apporte aux épargnants de nouvelles possibilités en vue d'excellent placement de plus longue durée.

Ces obligations émises à 97 fr. 10 par 5 fr. d'intérêt annuel seront remboursées au pair, c'est-à-dire à 100, en 1920 à 1925.

Enfin le Ministre des Finances vient de créer un nouveau type d'obligations qui répond à la fois les avantages des bons et des obligations décennales.

Ces Obligations-bons seront émises au prix de 96 francs. Leur souscription de 100 fr. ou à la fin de la guerre. Au présent de 3 % et on peut faire une durée de cinq ans et produisent un intérêt de 5 0/0 payable d'avance semestriellement.

Toutefois, le porteur a le droit d'en demander le remboursement dans la durée à la première année et ensuite tous les six mois.

Et, si on conserve jusqu'à leur échéance, il bénéficiera à ce moment d'une prime de 4 fr. ou 4 %, soit un bénéfice de 10 et permettre de 6 % et au-dessus ou de son intérêts supplémentaire.

Ces valeurs sont exempts d'impôts et en coupures de 100 francs, 500, 1.000 fr. et au-dessus.

DOMAINES DE RIEZ (Basses-Alpes)

Le Samedi 10 mars 1917, à 14 heures, à Riez, sur le Pré de Foire,

Vente de 16 Chevaux réformés

réservée de préférence aux agriculteurs.

Au comptant, 5 % en sus.

Pour guérir la fièvre aphteuse, la clavelée, le piétin du mouton, les plaies de toutes natures, employez

L'Aphticide Patricot

qui a obtenu les plus hautes récompenses, ainsi que de nombreuses attestations civiles et militaires. En vente chez l'inventeur M. Patricot, 52 et 57, rue de la Pyramide, Lyon-Vaise (Rhône). Prix : 5 fr. le litre, pour expédition, les frais en plus.

Acheteurs et Vendeurs !

MATÉRIEL à USINES et MOULINS. Adressez-vous à M. Boussat aîné, industriel à Lavignolle, par Fourneaux (Creuse). Tél. n° 4. Pour visiter ses magasins, descendre gare Fourneaux, 1 kilomètre.

Pommes de terre
Semence et Consommation
HARICOTS
toutes variétés
Defaye, à Aixe (Haute-Vienne)

Imprimerie du Courrier du Commerce, 9, rue Villeroy, Lyon.

L'Administrateur-Gérant :

B. GOUTAREL
